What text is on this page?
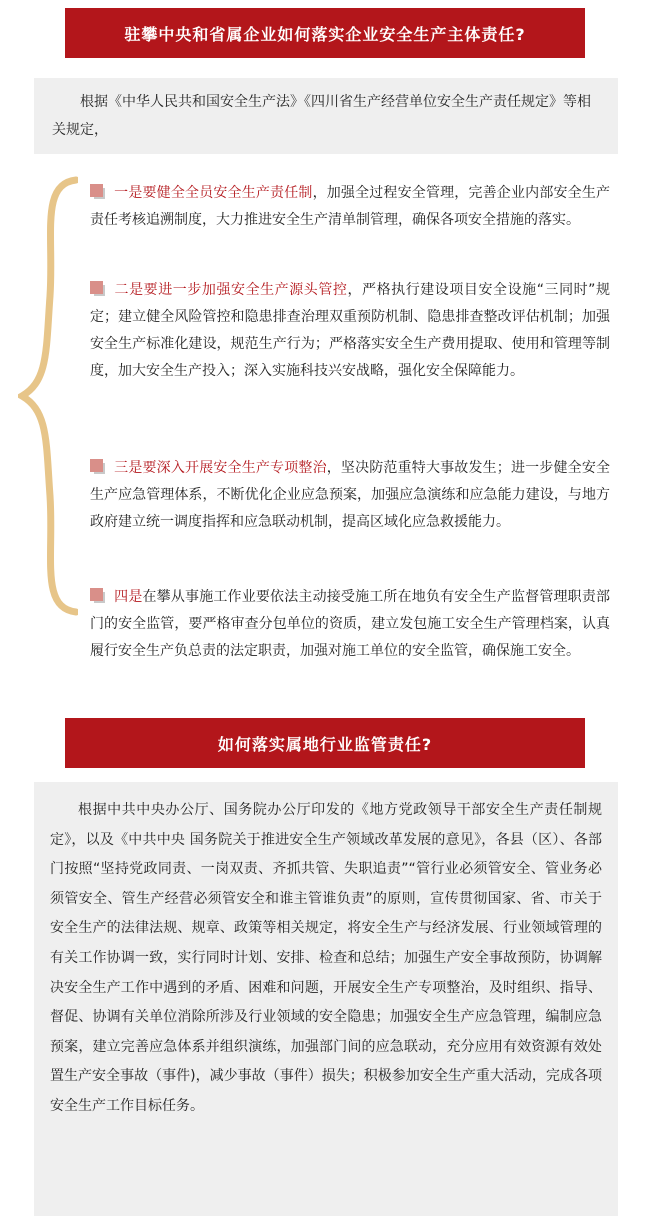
驻攀中央和省属企业如何落实企业安全生产主体责任?
根据《中华人民共和国安全生产法》《四川省生产经营单位安全生产责任规定》等相关规定，
一是要健全全员安全生产责任制，加强全过程安全管理，完善企业内部安全生产责任考核追溯制度，大力推进安全生产清单制管理，确保各项安全措施的落实。
二是要进一步加强安全生产源头管控，严格执行建设项目安全设施“三同时”规定；建立健全风险管控和隐患排查治理双重预防机制、隐患排查整改评估机制；加强安全生产标准化建设，规范生产行为；严格落实安全生产费用提取、使用和管理等制度，加大安全生产投入；深入实施科技兴安战略，强化安全保障能力。
三是要深入开展安全生产专项整治，坚决防范重特大事故发生；进一步健全安全生产应急管理体系，不断优化企业应急预案，加强应急演练和应急能力建设，与地方政府建立统一调度指挥和应急联动机制，提高区域化应急救援能力。
四是在攀从事施工作业要依法主动接受施工所在地负有安全生产监督管理职责部门的安全监管，要严格审查分包单位的资质，建立发包施工安全生产管理档案，认真履行安全生产负总责的法定职责，加强对施工单位的安全监管，确保施工安全。
如何落实属地行业监管责任?
根据中共中央办公厅、国务院办公厅印发的《地方党政领导干部安全生产责任制规定》，以及《中共中央 国务院关于推进安全生产领域改革发展的意见》，各县（区）、各部门按照“坚持党政同责、一岗双责、齐抓共管、失职追责”“管行业必须管安全、管业务必须管安全、管生产经营必须管安全和谁主管谁负责”的原则，宣传贯彻国家、省、市关于安全生产的法律法规、规章、政策等相关规定，将安全生产与经济发展、行业领域管理的有关工作协调一致，实行同时计划、安排、检查和总结；加强生产安全事故预防，协调解决安全生产工作中遇到的矛盾、困难和问题，开展安全生产专项整治，及时组织、指导、督促、协调有关单位消除所涉及行业领域的安全隐患；加强安全生产应急管理，编制应急预案，建立完善应急体系并组织演练，加强部门间的应急联动，充分应用有效资源有效处置生产安全事故（事件)，减少事故（事件）损失；积极参加安全生产重大活动，完成各项安全生产工作目标任务。
